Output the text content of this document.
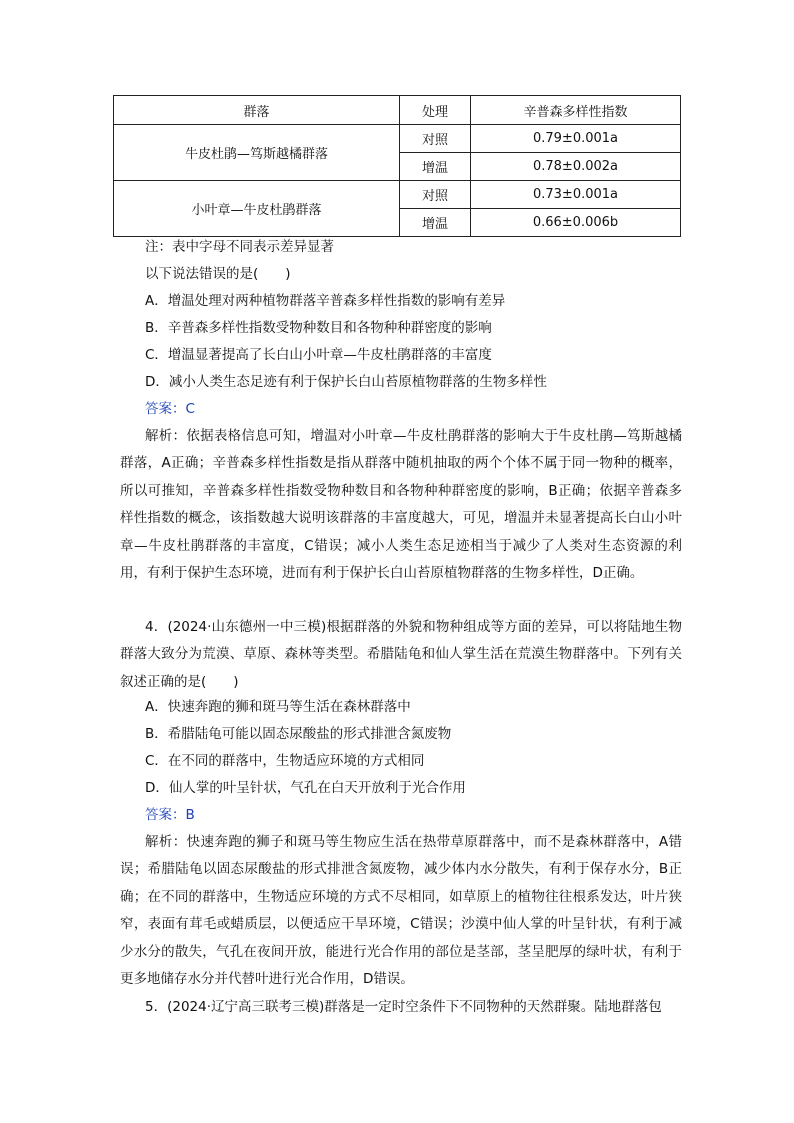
群落	处理	辛普森多样性指数
牛皮杜鹃—笃斯越橘群落	对照	0.79±0.001a
	增温	0.78±0.002a
小叶章—牛皮杜鹃群落	对照	0.73±0.001a
	增温	0.66±0.006b
注：表中字母不同表示差异显著
以下说法错误的是(　　)
A．增温处理对两种植物群落辛普森多样性指数的影响有差异
B．辛普森多样性指数受物种数目和各物种种群密度的影响
C．增温显著提高了长白山小叶章—牛皮杜鹃群落的丰富度
D．减小人类生态足迹有利于保护长白山苔原植物群落的生物多样性
答案：C
解析：依据表格信息可知，增温对小叶章—牛皮杜鹃群落的影响大于牛皮杜鹃—笃斯越橘群落，A正确；辛普森多样性指数是指从群落中随机抽取的两个个体不属于同一物种的概率，所以可推知，辛普森多样性指数受物种数目和各物种种群密度的影响，B正确；依据辛普森多样性指数的概念，该指数越大说明该群落的丰富度越大，可见，增温并未显著提高长白山小叶章—牛皮杜鹃群落的丰富度，C错误；减小人类生态足迹相当于减少了人类对生态资源的利用，有利于保护生态环境，进而有利于保护长白山苔原植物群落的生物多样性，D正确。
4．(2024·山东德州一中三模)根据群落的外貌和物种组成等方面的差异，可以将陆地生物群落大致分为荒漠、草原、森林等类型。希腊陆龟和仙人掌生活在荒漠生物群落中。下列有关叙述正确的是(　　)
A．快速奔跑的狮和斑马等生活在森林群落中
B．希腊陆龟可能以固态尿酸盐的形式排泄含氮废物
C．在不同的群落中，生物适应环境的方式相同
D．仙人掌的叶呈针状，气孔在白天开放利于光合作用
答案：B
解析：快速奔跑的狮子和斑马等生物应生活在热带草原群落中，而不是森林群落中，A错误；希腊陆龟以固态尿酸盐的形式排泄含氮废物，减少体内水分散失，有利于保存水分，B正确；在不同的群落中，生物适应环境的方式不尽相同，如草原上的植物往往根系发达，叶片狭窄，表面有茸毛或蜡质层，以便适应干旱环境，C错误；沙漠中仙人掌的叶呈针状，有利于减少水分的散失，气孔在夜间开放，能进行光合作用的部位是茎部，茎呈肥厚的绿叶状，有利于更多地储存水分并代替叶进行光合作用，D错误。
5．(2024·辽宁高三联考三模)群落是一定时空条件下不同物种的天然群聚。陆地群落包
